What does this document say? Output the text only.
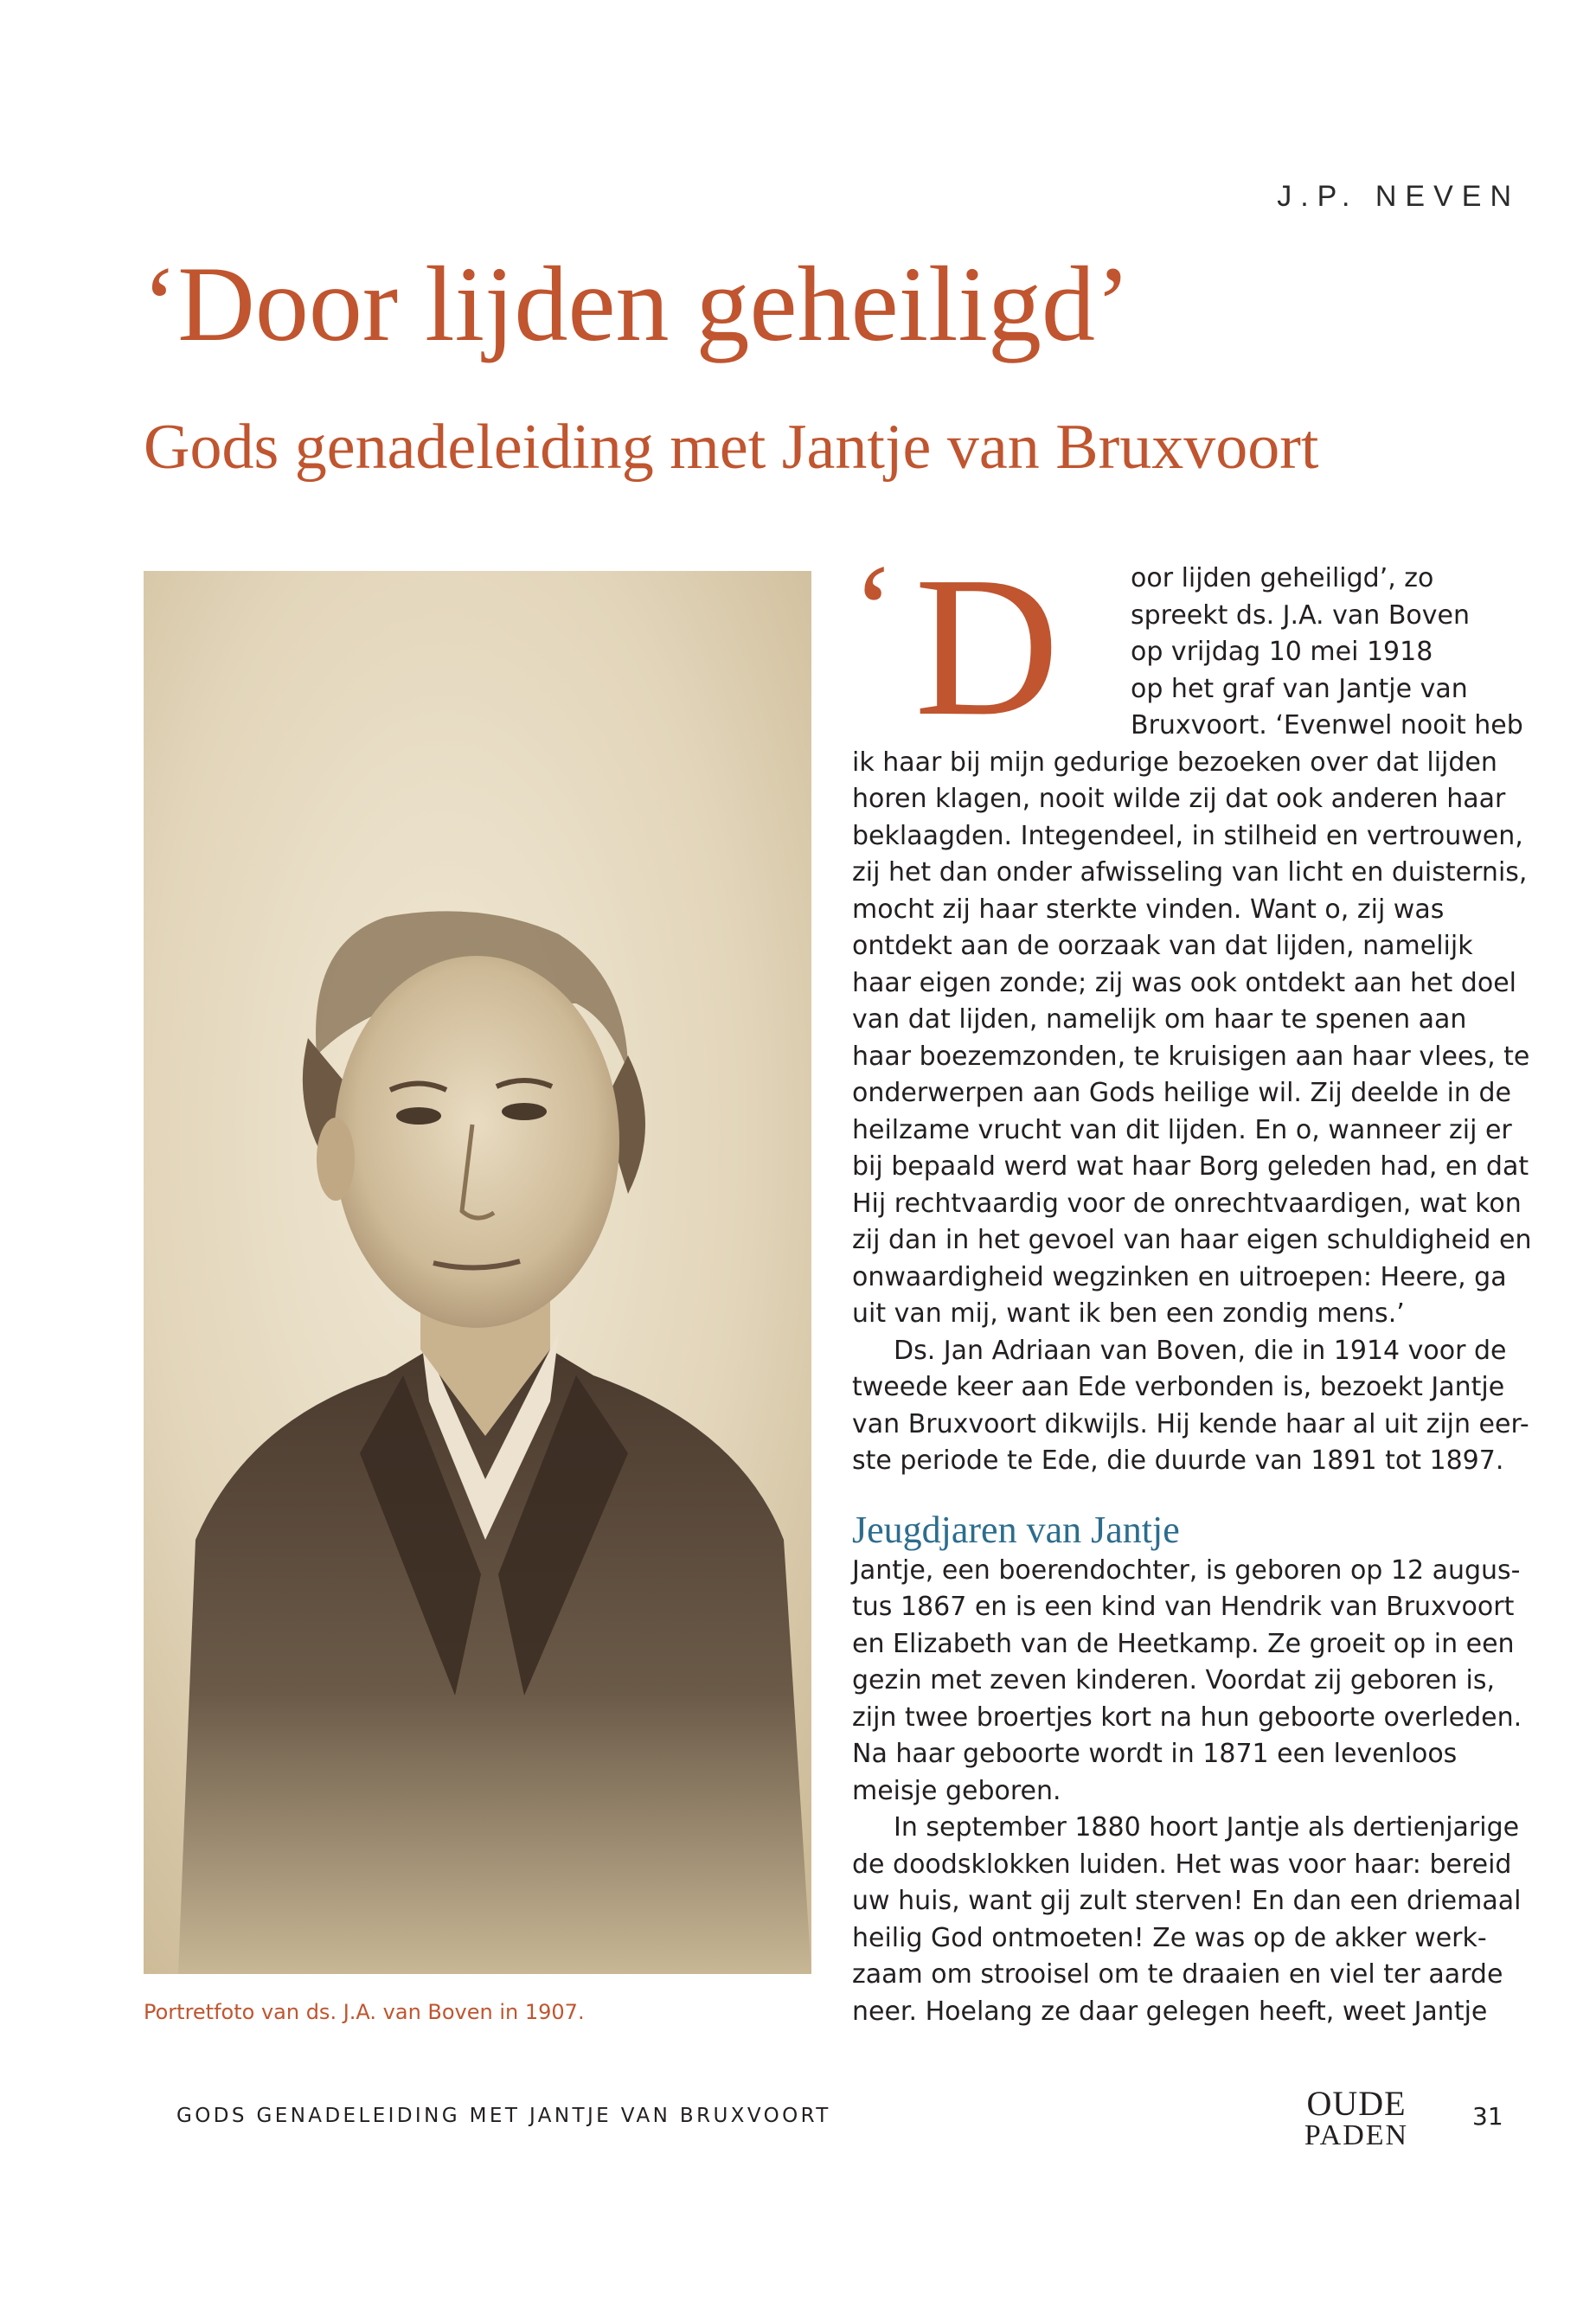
J.P. NEVEN
‘Door lijden geheiligd’
Gods genadeleiding met Jantje van Bruxvoort
Portretfoto van ds. J.A. van Boven in 1907.
‘ D	oor lijden geheiligd’, zo
spreekt ds. J.A. van Boven
op vrijdag 10 mei 1918
op het graf van Jantje van
Bruxvoort. ‘Evenwel nooit heb
ik haar bij mijn gedurige bezoeken over dat lijden
horen klagen, nooit wilde zij dat ook anderen haar
beklaagden. Integendeel, in stilheid en vertrouwen,
zij het dan onder afwisseling van licht en duisternis,
mocht zij haar sterkte vinden. Want o, zij was
ontdekt aan de oorzaak van dat lijden, namelijk
haar eigen zonde; zij was ook ontdekt aan het doel
van dat lijden, namelijk om haar te spenen aan
haar boezemzonden, te kruisigen aan haar vlees, te
onderwerpen aan Gods heilige wil. Zij deelde in de
heilzame vrucht van dit lijden. En o, wanneer zij er
bij bepaald werd wat haar Borg geleden had, en dat
Hij rechtvaardig voor de onrechtvaardigen, wat kon
zij dan in het gevoel van haar eigen schuldigheid en
onwaardigheid wegzinken en uitroepen: Heere, ga
uit van mij, want ik ben een zondig mens.’
Ds. Jan Adriaan van Boven, die in 1914 voor de
tweede keer aan Ede verbonden is, bezoekt Jantje
van Bruxvoort dikwijls. Hij kende haar al uit zijn eer-
ste periode te Ede, die duurde van 1891 tot 1897.
Jeugdjaren van Jantje
Jantje, een boerendochter, is geboren op 12 augus-
tus 1867 en is een kind van Hendrik van Bruxvoort
en Elizabeth van de Heetkamp. Ze groeit op in een
gezin met zeven kinderen. Voordat zij geboren is,
zijn twee broertjes kort na hun geboorte overleden.
Na haar geboorte wordt in 1871 een levenloos
meisje geboren.
In september 1880 hoort Jantje als dertienjarige
de doodsklokken luiden. Het was voor haar: bereid
uw huis, want gij zult sterven! En dan een driemaal
heilig God ontmoeten! Ze was op de akker werk-
zaam om strooisel om te draaien en viel ter aarde
neer. Hoelang ze daar gelegen heeft, weet Jantje
GODS GENADELEIDING MET JANTJE VAN BRUXVOORT	OUDE
PADEN
31
